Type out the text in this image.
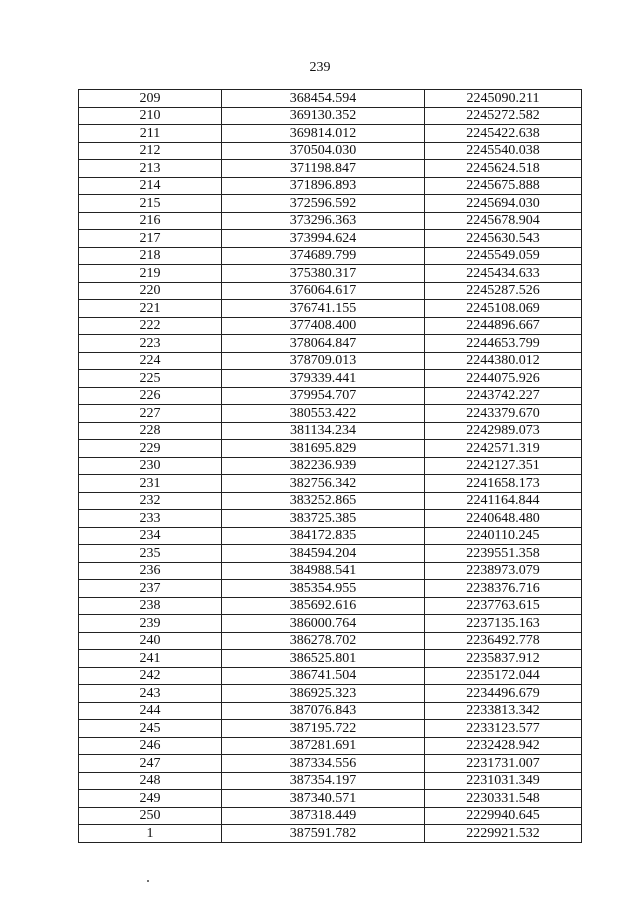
239
209	368454.594	2245090.211
210	369130.352	2245272.582
211	369814.012	2245422.638
212	370504.030	2245540.038
213	371198.847	2245624.518
214	371896.893	2245675.888
215	372596.592	2245694.030
216	373296.363	2245678.904
217	373994.624	2245630.543
218	374689.799	2245549.059
219	375380.317	2245434.633
220	376064.617	2245287.526
221	376741.155	2245108.069
222	377408.400	2244896.667
223	378064.847	2244653.799
224	378709.013	2244380.012
225	379339.441	2244075.926
226	379954.707	2243742.227
227	380553.422	2243379.670
228	381134.234	2242989.073
229	381695.829	2242571.319
230	382236.939	2242127.351
231	382756.342	2241658.173
232	383252.865	2241164.844
233	383725.385	2240648.480
234	384172.835	2240110.245
235	384594.204	2239551.358
236	384988.541	2238973.079
237	385354.955	2238376.716
238	385692.616	2237763.615
239	386000.764	2237135.163
240	386278.702	2236492.778
241	386525.801	2235837.912
242	386741.504	2235172.044
243	386925.323	2234496.679
244	387076.843	2233813.342
245	387195.722	2233123.577
246	387281.691	2232428.942
247	387334.556	2231731.007
248	387354.197	2231031.349
249	387340.571	2230331.548
250	387318.449	2229940.645
1	387591.782	2229921.532
